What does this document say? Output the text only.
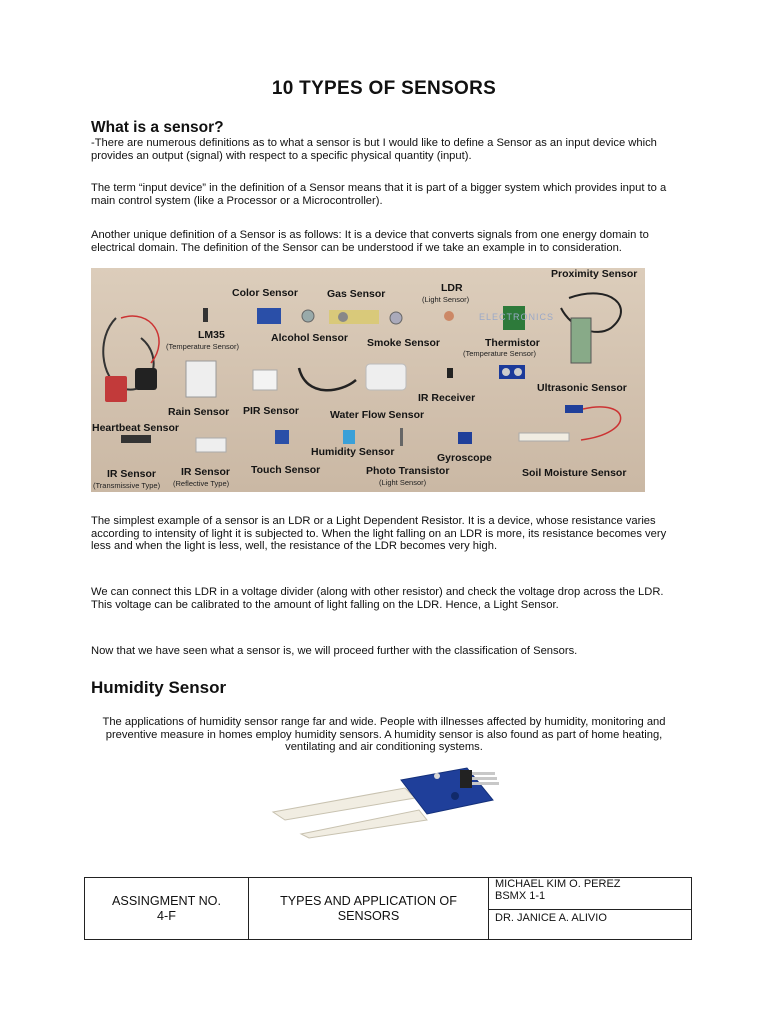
10 TYPES OF SENSORS
What is a sensor?
-There are numerous definitions as to what a sensor is but I would like to define a Sensor as an input device which provides an output (signal) with respect to a specific physical quantity (input).
The term “input device” in the definition of a Sensor means that it is part of a bigger system which provides input to a main control system (like a Processor or a Microcontroller).
Another unique definition of a Sensor is as follows: It is a device that converts signals from one energy domain to electrical domain. The definition of the Sensor can be understood if we take an example in to consideration.
Color Sensor	Gas Sensor	LDR
(Light Sensor)
Proximity Sensor
LM35
(Temperature Sensor)
Alcohol Sensor Smoke Sensor	Thermistor
(Temperature Sensor)
IR Receiver
Ultrasonic Sensor
Rain Sensor PIR Sensor	Water Flow Sensor
Heartbeat Sensor
Humidity Sensor	Gyroscope
IR Sensor
(Transmissive Type)
IR Sensor
(Reflective Type)
Touch Sensor	Photo Transistor
(Light Sensor)
Soil Moisture Sensor
ELECTRONICS
The simplest example of a sensor is an LDR or a Light Dependent Resistor. It is a device, whose resistance varies according to intensity of light it is subjected to. When the light falling on an LDR is more, its resistance becomes very less and when the light is less, well, the resistance of the LDR becomes very high.
We can connect this LDR in a voltage divider (along with other resistor) and check the voltage drop across the LDR. This voltage can be calibrated to the amount of light falling on the LDR. Hence, a Light Sensor.
Now that we have seen what a sensor is, we will proceed further with the classification of Sensors.
Humidity Sensor
The applications of humidity sensor range far and wide. People with illnesses affected by humidity, monitoring and preventive measure in homes employ humidity sensors. A humidity sensor is also found as part of home heating, ventilating and air conditioning systems.
ASSINGMENT NO. 4-F

TYPES AND APPLICATION OF SENSORS

MICHAEL KIM O. PEREZ
BSMX 1-1

DR. JANICE A. ALIVIO
